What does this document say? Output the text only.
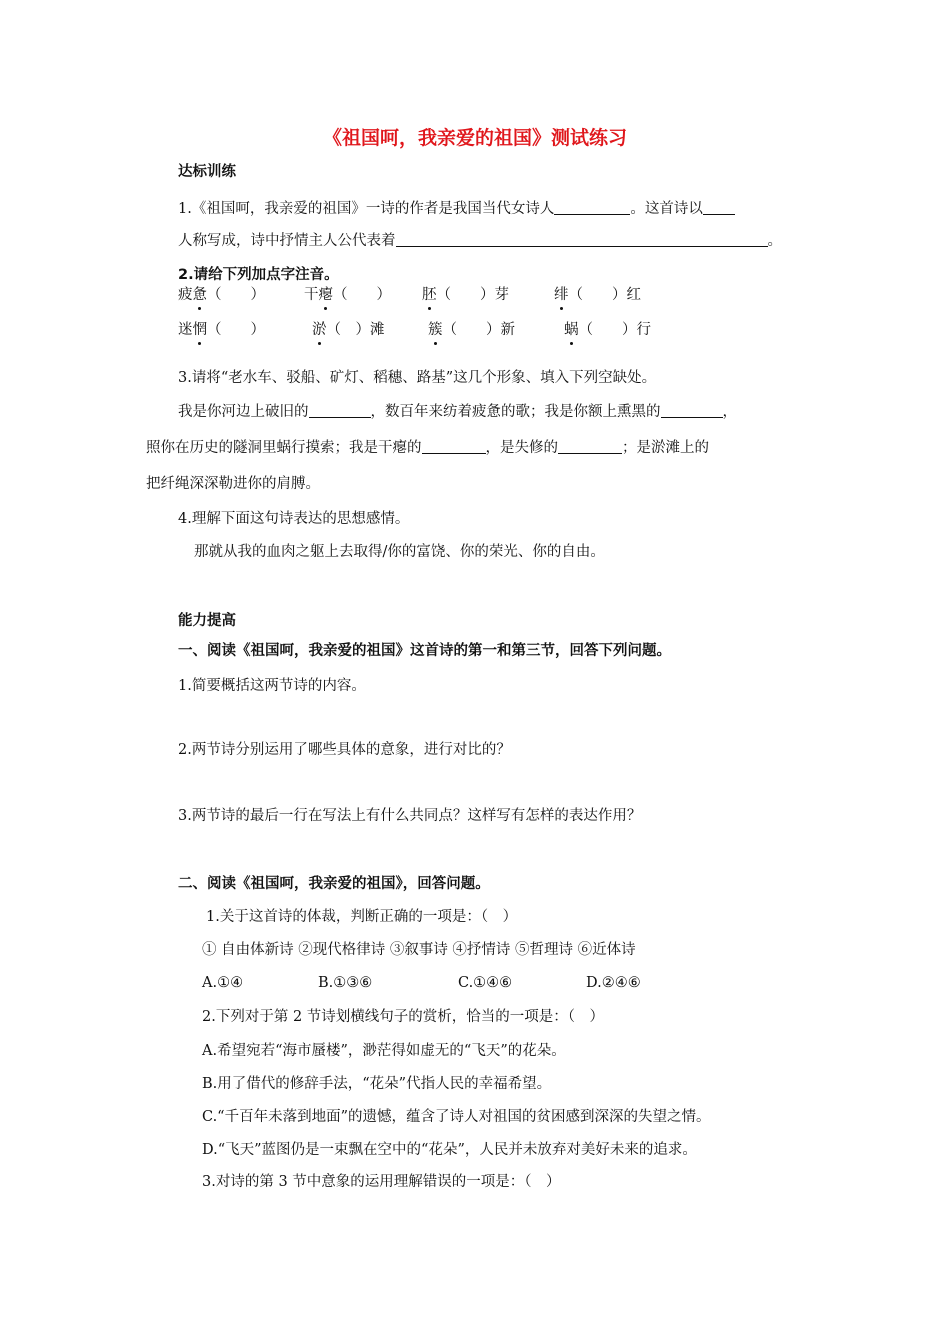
《祖国呵，我亲爱的祖国》测试练习
达标训练
1.《祖国呵，我亲爱的祖国》一诗的作者是我国当代女诗人	。这首诗以
人称写成，诗中抒情主人公代表着	。
2.请给下列加点字注音。
疲惫（　　）	干瘪（　　） 胚（　　）芽	绯（　　）红
迷惘（　　）	淤（　）滩	簇（　　）新	蜗（　　）行
3.请将“老水车、驳船、矿灯、稻穗、路基”这几个形象、填入下列空缺处。
我是你河边上破旧的	，数百年来纺着疲惫的歌；我是你额上熏黑的	，
照你在历史的隧洞里蜗行摸索；我是干瘪的	，是失修的	；是淤滩上的
把纤绳深深勒进你的肩膊。
4.理解下面这句诗表达的思想感情。
那就从我的血肉之躯上去取得/你的富饶、你的荣光、你的自由。
能力提高
一、阅读《祖国呵，我亲爱的祖国》这首诗的第一和第三节，回答下列问题。
1.简要概括这两节诗的内容。
2.两节诗分别运用了哪些具体的意象，进行对比的？
3.两节诗的最后一行在写法上有什么共同点？这样写有怎样的表达作用？
二、阅读《祖国呵，我亲爱的祖国》，回答问题。
1.关于这首诗的体裁，判断正确的一项是：（　）
① 自由体新诗 ②现代格律诗 ③叙事诗 ④抒情诗 ⑤哲理诗 ⑥近体诗
A.①④	B.①③⑥	C.①④⑥	D.②④⑥
2.下列对于第 2 节诗划横线句子的赏析，恰当的一项是：（　）
A.希望宛若“海市蜃楼”，渺茫得如虚无的“飞天”的花朵。
B.用了借代的修辞手法，“花朵”代指人民的幸福希望。
C.“千百年未落到地面”的遗憾，蕴含了诗人对祖国的贫困感到深深的失望之情。
D.“飞天”蓝图仍是一束飘在空中的“花朵”，人民并未放弃对美好未来的追求。
3.对诗的第 3 节中意象的运用理解错误的一项是：（　）
